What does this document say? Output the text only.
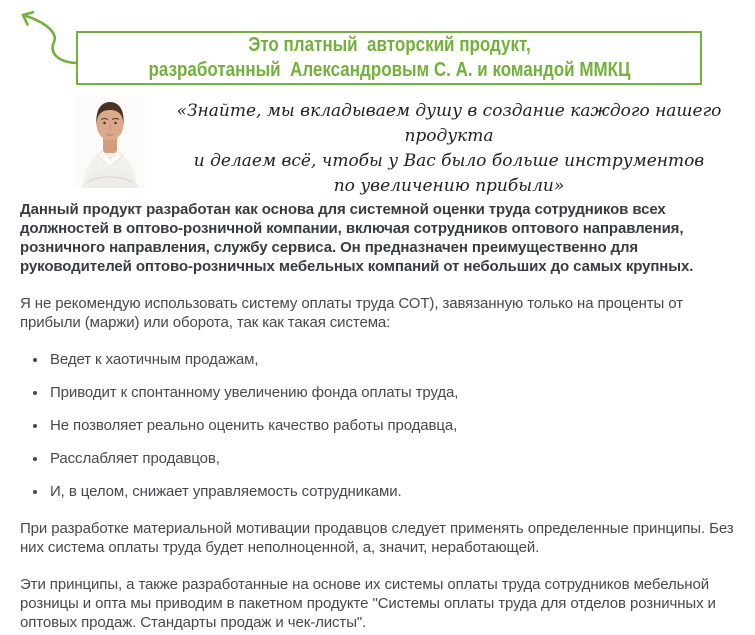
Это платный  авторский продукт,
разработанный  Александровым С. А. и командой ММКЦ
«Знайте, мы вкладываем душу в создание каждого нашего продукта
и делаем всё, чтобы у Вас было больше инструментов
по увеличению прибыли»

Данный продукт разработан как основа для системной оценки труда сотрудников всех должностей в оптово-розничной компании, включая сотрудников оптового направления, розничного направления, службу сервиса. Он предназначен преимущественно для руководителей оптово-розничных мебельных компаний от небольших до самых крупных.

Я не рекомендую использовать систему оплаты труда СОТ), завязанную только на проценты от прибыли (маржи) или оборота, так как такая система:

• Ведет к хаотичным продажам,
• Приводит к спонтанному увеличению фонда оплаты труда,
• Не позволяет реально оценить качество работы продавца,
• Расслабляет продавцов,
• И, в целом, снижает управляемость сотрудниками.

При разработке материальной мотивации продавцов следует применять определенные принципы. Без них система оплаты труда будет неполноценной, а, значит, неработающей.

Эти принципы, а также разработанные на основе их системы оплаты труда сотрудников мебельной розницы и опта мы приводим в пакетном продукте "Системы оплаты труда для отделов розничных и оптовых продаж. Стандарты продаж и чек-листы".
